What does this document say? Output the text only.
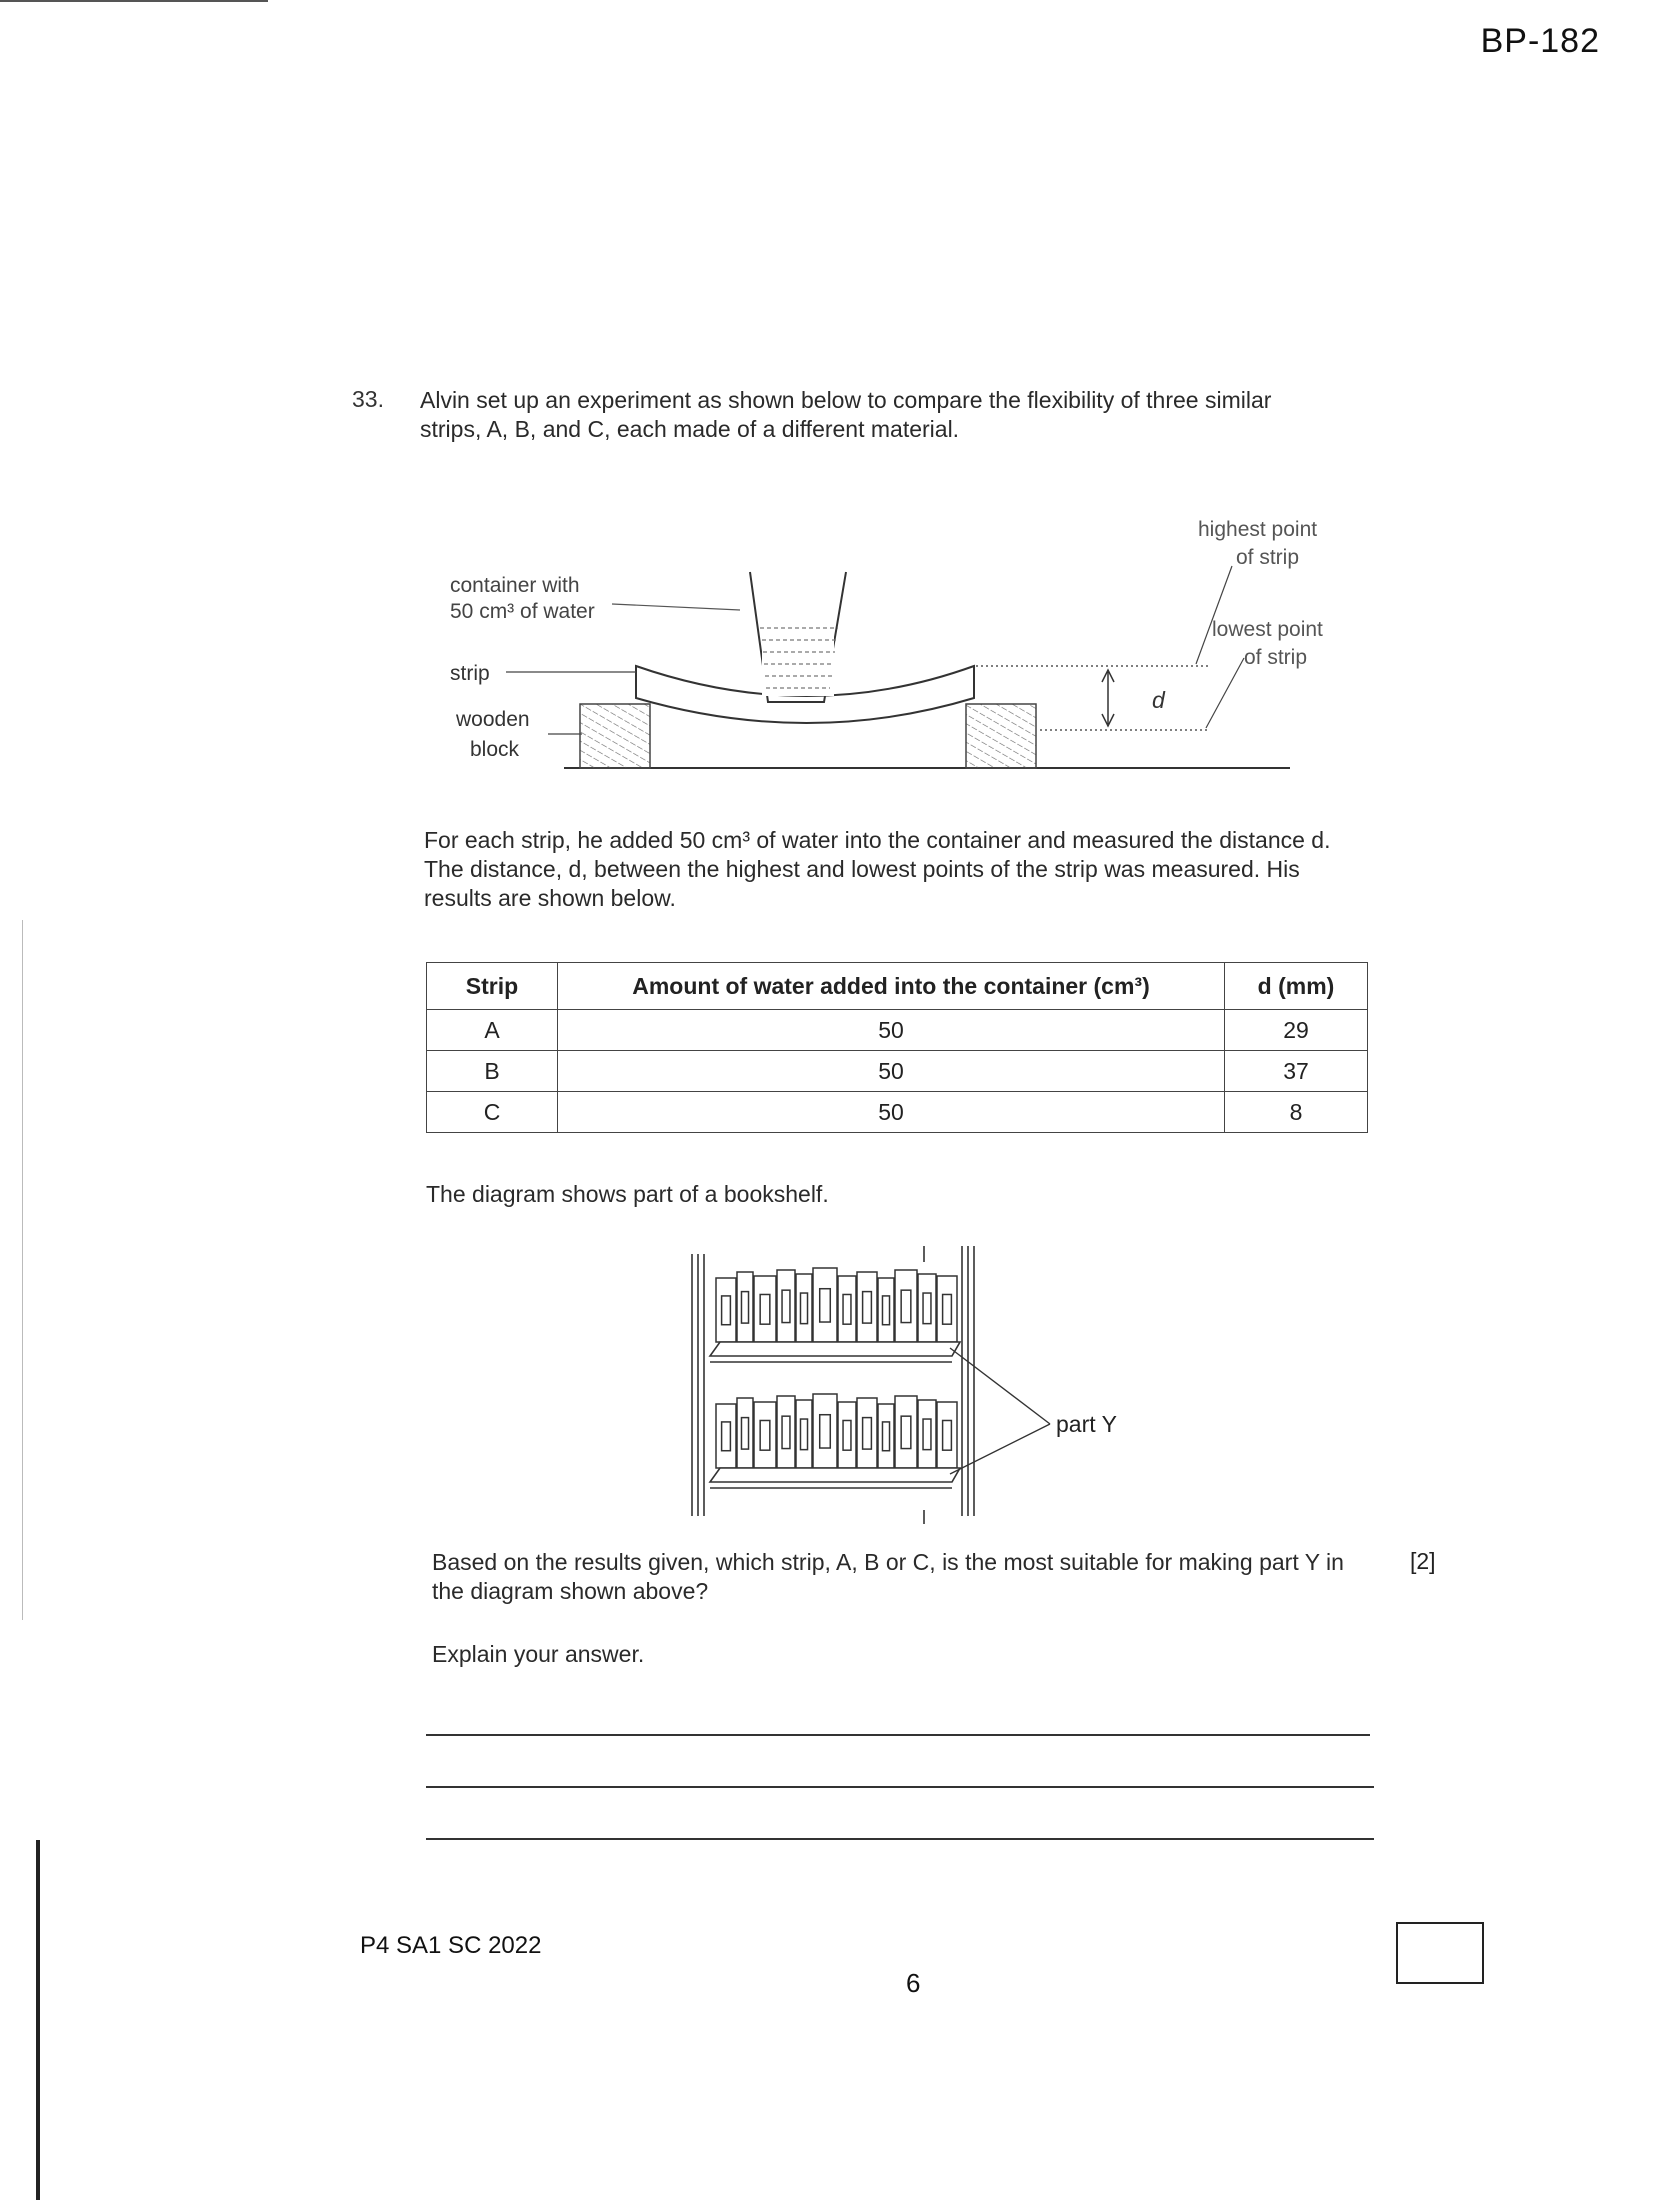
BP-182
33. Alvin set up an experiment as shown below to compare the flexibility of three similar strips, A, B, and C, each made of a different material.
container with
50 cm³ of water
strip
wooden
block
highest point
of strip
lowest point
of strip
d
For each strip, he added 50 cm³ of water into the container and measured the distance d. The distance, d, between the highest and lowest points of the strip was measured. His results are shown below.
Strip	Amount of water added into the container (cm³)	d (mm)
A	50	29
B	50	37
C	50	8
The diagram shows part of a bookshelf.
part Y
Based on the results given, which strip, A, B or C, is the most suitable for making part Y in the diagram shown above?
[2]
Explain your answer.
P4 SA1 SC 2022
6
